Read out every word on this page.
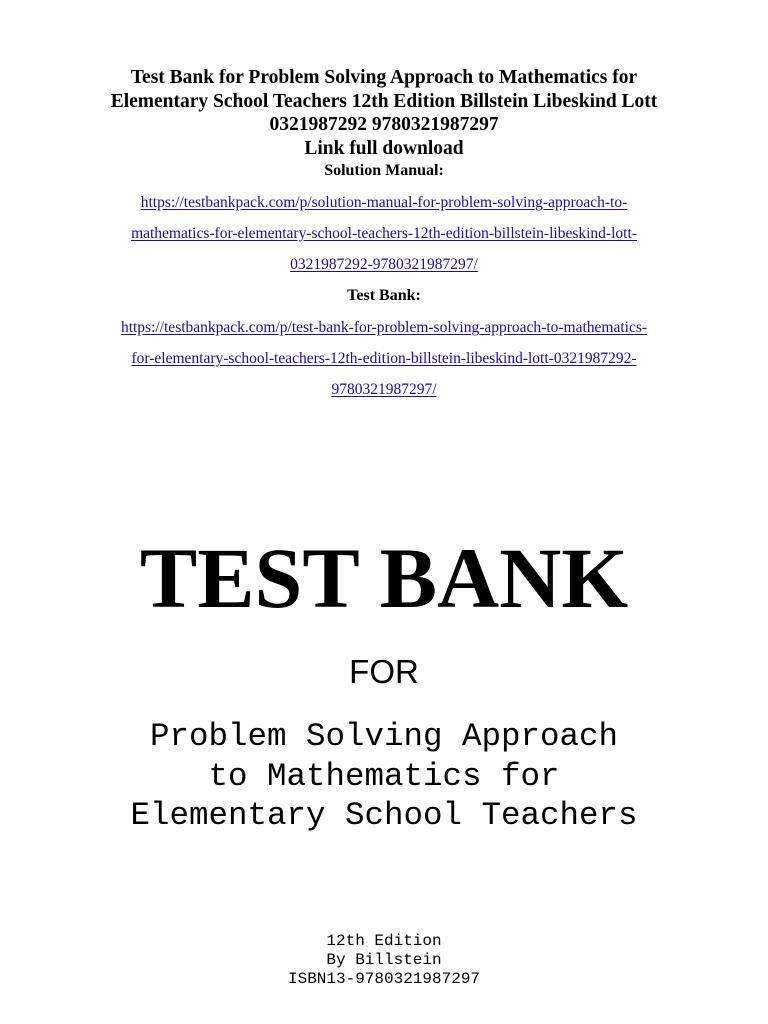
Test Bank for Problem Solving Approach to Mathematics for
Elementary School Teachers 12th Edition Billstein Libeskind Lott
0321987292 9780321987297
Link full download
Solution Manual:
https://testbankpack.com/p/solution-manual-for-problem-solving-approach-to-
mathematics-for-elementary-school-teachers-12th-edition-billstein-libeskind-lott-
0321987292-9780321987297/
Test Bank:
https://testbankpack.com/p/test-bank-for-problem-solving-approach-to-mathematics-
for-elementary-school-teachers-12th-edition-billstein-libeskind-lott-0321987292-
9780321987297/
TEST BANK
FOR
Problem Solving Approach
to Mathematics for
Elementary School Teachers
12th Edition
By Billstein
ISBN13-9780321987297
